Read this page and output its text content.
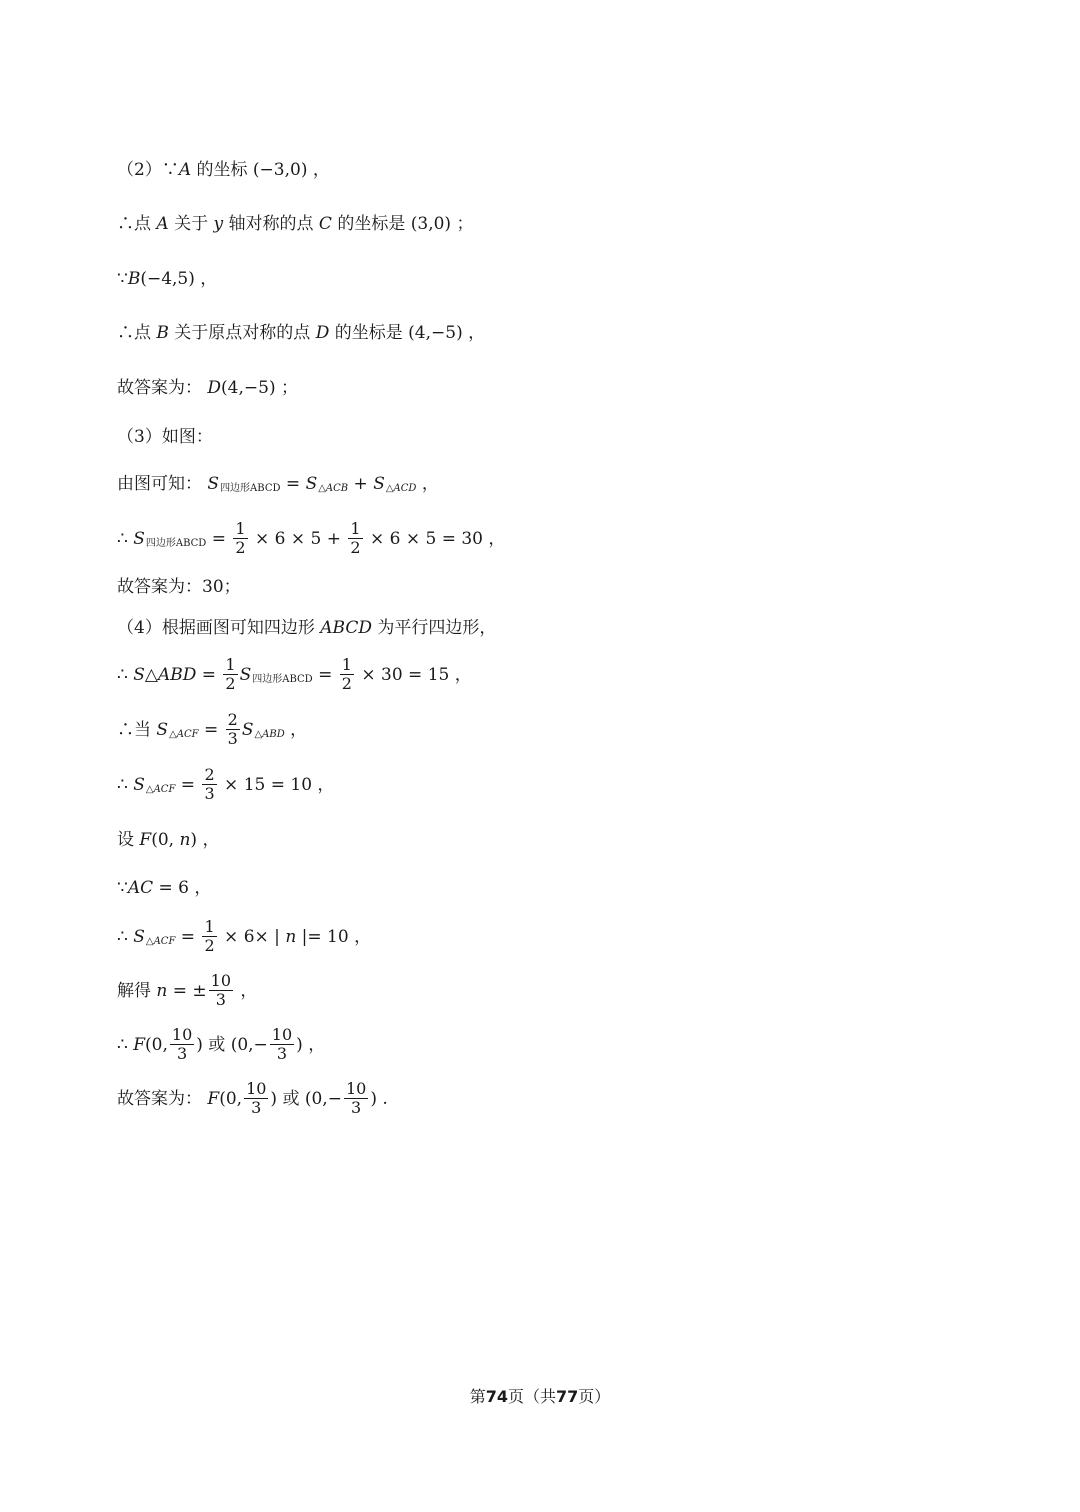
（2）∵ A 的坐标 (−3,0) ，
∴点 A 关于 y 轴对称的点 C 的坐标是 (3,0) ；
∵ B (−4,5) ，
∴点 B 关于原点对称的点 D 的坐标是 (4,−5) ，
故答案为： D (4,−5) ；
（3）如图：
由图可知： S 四边形ABCD = S △ACB + S △ACD ，
∴ S 四边形ABCD = $\frac{1}{2} \times 6 \times 5 + \frac{1}{2} \times 6 \times 5 = 30$ ，
故答案为：30；
（4）根据画图可知四边形 ABCD 为平行四边形，
∴ S△ABD = $\frac{1}{2}$ S 四边形ABCD = $\frac{1}{2} \times 30 = 15$ ，
∴当 S △ACF = $\frac{2}{3}$ S △ABD ，
∴ S △ACF = $\frac{2}{3} \times 15 = 10$ ，
设 F (0, n ) ，
∵ AC = 6 ，
∴ S △ACF = $\frac{1}{2} \times 6\times$ | n |= 10 ，
解得 n = ± $\frac{10}{3}$ ，
∴ F (0, $\frac{10}{3}$ ) 或 ($0,- \frac{10}{3}$ ) ，
故答案为： F (0, $\frac{10}{3}$ ) 或 ($0,- \frac{10}{3}$ ) .
第74页（共77页）
